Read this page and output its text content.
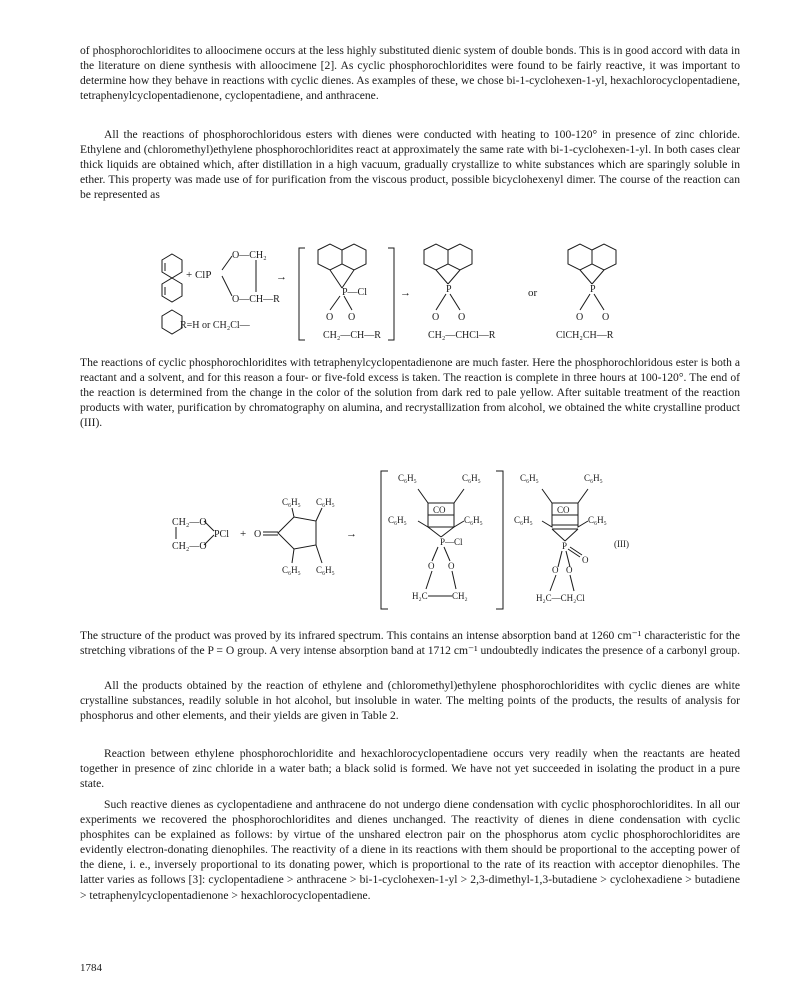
of phosphorochloridites to alloocimene occurs at the less highly substituted dienic system of double bonds. This is in good accord with data in the literature on diene synthesis with alloocimene [2]. As cyclic phosphorochloridites were found to be fairly reactive, it was important to determine how they behave in reactions with cyclic dienes. As examples of these, we chose bi-1-cyclohexen-1-yl, hexachlorocyclopentadiene, tetraphenylcyclopentadienone, cyclopentadiene, and anthracene.

All the reactions of phosphorochloridous esters with dienes were conducted with heating to 100-120° in presence of zinc chloride. Ethylene and (chloromethyl)ethylene phosphorochloridites react at approximately the same rate with bi-1-cyclohexen-1-yl. In both cases clear thick liquids are obtained which, after distillation in a high vacuum, gradually crystallize to white substances which are sparingly soluble in ether. This property was made use of for purification from the viscous product, possible bicyclohexenyl dimer. The course of the reaction can be represented as

+ ClP
O—CH₂
O—CH—R
→
R=H or CH₂Cl—
P—Cl
O O
CH₂—CH—R
→	P
O O
CH₂—CHCl—R
or	P
O O
ClCH₂CH—R

The reactions of cyclic phosphorochloridites with tetraphenylcyclopentadienone are much faster. Here the phosphorochloridous ester is both a reactant and a solvent, and for this reason a four- or five-fold excess is taken. The reaction is complete in three hours at 100-120°. The end of the reaction is determined from the change in the color of the solution from dark red to pale yellow. After suitable treatment of the reaction products with water, purification by chromatography on alumina, and recrystallization from alcohol, we obtained the white crystalline product (III).

CH₂—O
CH₂—O
PCl + O
C₆H₅ C₆H₅
C₆H₅ C₆H₅
→
C₆H₅	C₆H₅
CO
C₆H₅	C₆H₅
P—Cl
O O
H₂C	CH₂
C₆H₅	C₆H₅
CO
C₆H₅	C₆H₅
P
O
O O
H₂C—CH₂Cl
(III)

The structure of the product was proved by its infrared spectrum. This contains an intense absorption band at 1260 cm⁻¹ characteristic for the stretching vibrations of the P = O group. A very intense absorption band at 1712 cm⁻¹ undoubtedly indicates the presence of a carbonyl group.

All the products obtained by the reaction of ethylene and (chloromethyl)ethylene phosphorochloridites with cyclic dienes are white crystalline substances, readily soluble in hot alcohol, but insoluble in water. The melting points of the products, the results of analysis for phosphorus and other elements, and their yields are given in Table 2.

Reaction between ethylene phosphorochloridite and hexachlorocyclopentadiene occurs very readily when the reactants are heated together in presence of zinc chloride in a water bath; a black solid is formed. We have not yet succeeded in isolating the product in a pure state.

Such reactive dienes as cyclopentadiene and anthracene do not undergo diene condensation with cyclic phosphorochloridites. In all our experiments we recovered the phosphorochloridites and dienes unchanged. The reactivity of dienes in diene condensation with cyclic phosphites can be explained as follows: by virtue of the unshared electron pair on the phosphorus atom cyclic phosphorochloridites are evidently electron-donating dienophiles. The reactivity of a diene in its reactions with them should be proportional to the accepting power of the diene, i. e., inversely proportional to its donating power, which is proportional to the rate of its reaction with acceptor dienophiles. The latter varies as follows [3]: cyclopentadiene > anthracene > bi-1-cyclohexen-1-yl > 2,3-dimethyl-1,3-butadiene > cyclohexadiene > butadiene > tetraphenylcyclopentadienone > hexachlorocyclopentadiene.

1784
